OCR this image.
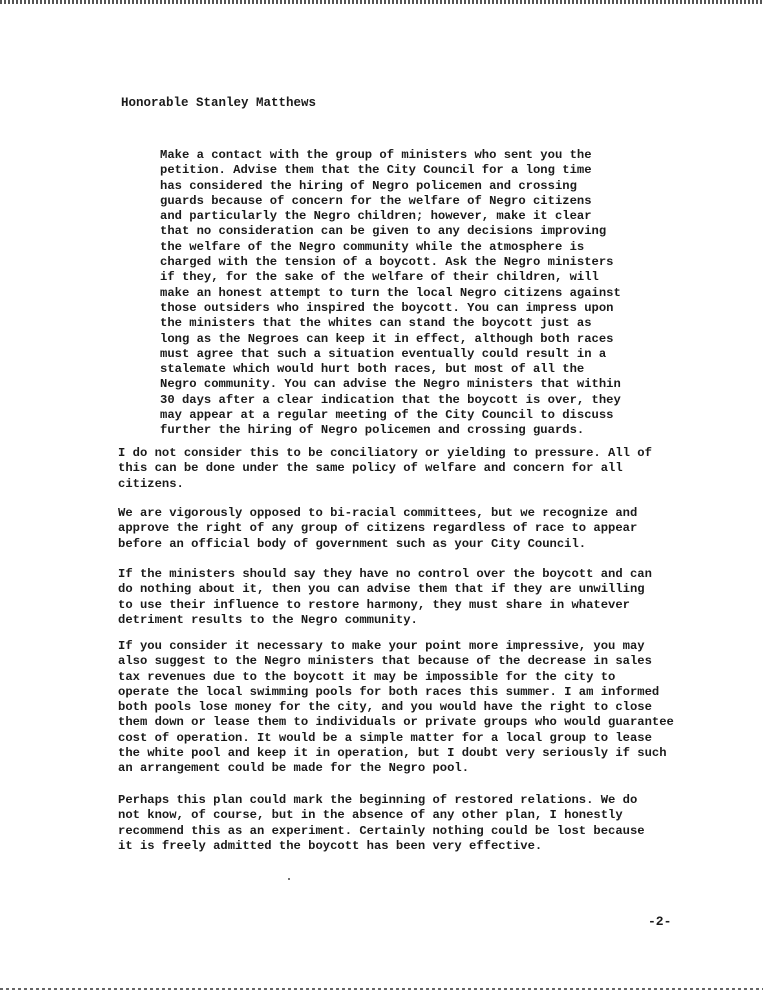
Honorable Stanley Matthews
Make a contact with the group of ministers who sent you the
petition. Advise them that the City Council for a long time
has considered the hiring of Negro policemen and crossing
guards because of concern for the welfare of Negro citizens
and particularly the Negro children; however, make it clear
that no consideration can be given to any decisions improving
the welfare of the Negro community while the atmosphere is
charged with the tension of a boycott. Ask the Negro ministers
if they, for the sake of the welfare of their children, will
make an honest attempt to turn the local Negro citizens against
those outsiders who inspired the boycott. You can impress upon
the ministers that the whites can stand the boycott just as
long as the Negroes can keep it in effect, although both races
must agree that such a situation eventually could result in a
stalemate which would hurt both races, but most of all the
Negro community. You can advise the Negro ministers that within
30 days after a clear indication that the boycott is over, they
may appear at a regular meeting of the City Council to discuss
further the hiring of Negro policemen and crossing guards.
I do not consider this to be conciliatory or yielding to pressure. All of
this can be done under the same policy of welfare and concern for all
citizens.
We are vigorously opposed to bi-racial committees, but we recognize and
approve the right of any group of citizens regardless of race to appear
before an official body of government such as your City Council.
If the ministers should say they have no control over the boycott and can
do nothing about it, then you can advise them that if they are unwilling
to use their influence to restore harmony, they must share in whatever
detriment results to the Negro community.
If you consider it necessary to make your point more impressive, you may
also suggest to the Negro ministers that because of the decrease in sales
tax revenues due to the boycott it may be impossible for the city to
operate the local swimming pools for both races this summer. I am informed
both pools lose money for the city, and you would have the right to close
them down or lease them to individuals or private groups who would guarantee
cost of operation. It would be a simple matter for a local group to lease
the white pool and keep it in operation, but I doubt very seriously if such
an arrangement could be made for the Negro pool.
Perhaps this plan could mark the beginning of restored relations. We do
not know, of course, but in the absence of any other plan, I honestly
recommend this as an experiment. Certainly nothing could be lost because
it is freely admitted the boycott has been very effective.
-2-
